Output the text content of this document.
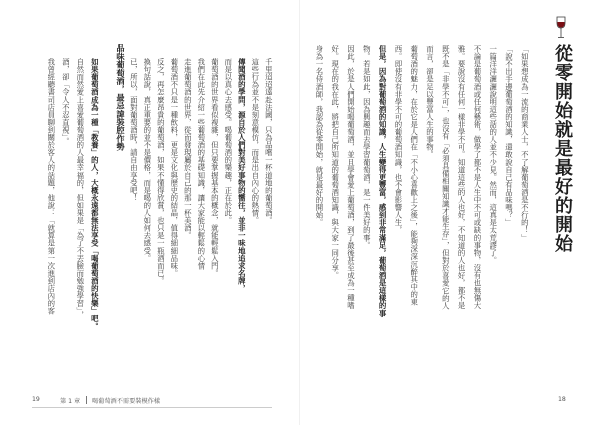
千里迢迢遠赴法國，只為品嚐一杯道地的葡萄酒。
這些行為並不是刻意模仿，而是出自內心的熱情。
傳聞酒的學問，源自於人們對美好事物的嚮往，並非一味地追求名牌，
而是以真心去感受。喝葡萄酒的樂趣，正在於此。
葡萄酒的世界看似複雜，但只要掌握基本的概念，就能輕鬆入門。
我們在此先介紹一些葡萄酒的基礎知識，讓大家能以輕鬆的心情
走進葡萄酒的世界，從而發現屬於自己的那一杯美酒。
葡萄酒不只是一種飲料，更是文化與歷史的結晶，值得細細品味。
反之，再怎麼昂貴的葡萄酒，如果不懂得欣賞，也只是一瓶酒而已。
換句話說，真正重要的並不是價格，而是喝的人如何去感受。
已，所以，面對葡萄酒時，請自由享受吧！
品味葡萄酒，最忌諱裝腔作勢
如果葡萄酒成為一種「教養」的人，大概永遠都無法享受「喝葡萄酒的快樂」吧。
自然而然愛上喜愛葡萄酒的人最幸福的，但如果是「為了不丟臉而勉強學習」，
酒，卻「令人不忍直視」。
我曾經聽書司店員聊到關於客人的話題，他說：「就算是第一次進到店內的客
19	第 1 章 喝葡萄酒不需要裝模作樣
「如果想成為一流的商業人士，不了解葡萄酒是不行的！」
「說不出手邊葡萄酒的知識，還敢說自己有品味嗎？」
一篇洋洋灑灑說明這些話的人並不少見。然而，這真是太荒謬了。
不論是葡萄酒或任何藝術，做學了都不是人生中不可或缺的事物，沒有也無傷大
雅。要說沒有任何一樣非學不可。知道這些的人也好，不知道的人也好，都不是
既不是「非學不可」，也沒有「必須具備相關知識才能生存」，但對於喜愛它的人
而言，卻是足以豐富人生的事物。
葡萄酒的魅力，在於它是人們在「不小心喜歡上之後」，能夠深深沉醉其中的東
西。即使沒有非學不可的葡萄酒知識，也不會影響人生，
但是，因為對葡萄酒的知識，人生變得更豐富，感到非常滿足，葡萄酒是這樣的事
物。若是如此，因為興趣而去學習葡萄酒，是一件美好的事。
因此，於是人們開始喝葡萄酒，並且學會愛上葡萄酒，到了最後甚至成為一種嗜
好。現在的我在此，將把自己所知道的葡萄酒知識，與大家一同分享。
身為一名侍酒師，我認為從零開始，就是最好的開始。
18
從零開始就是最好的開始
